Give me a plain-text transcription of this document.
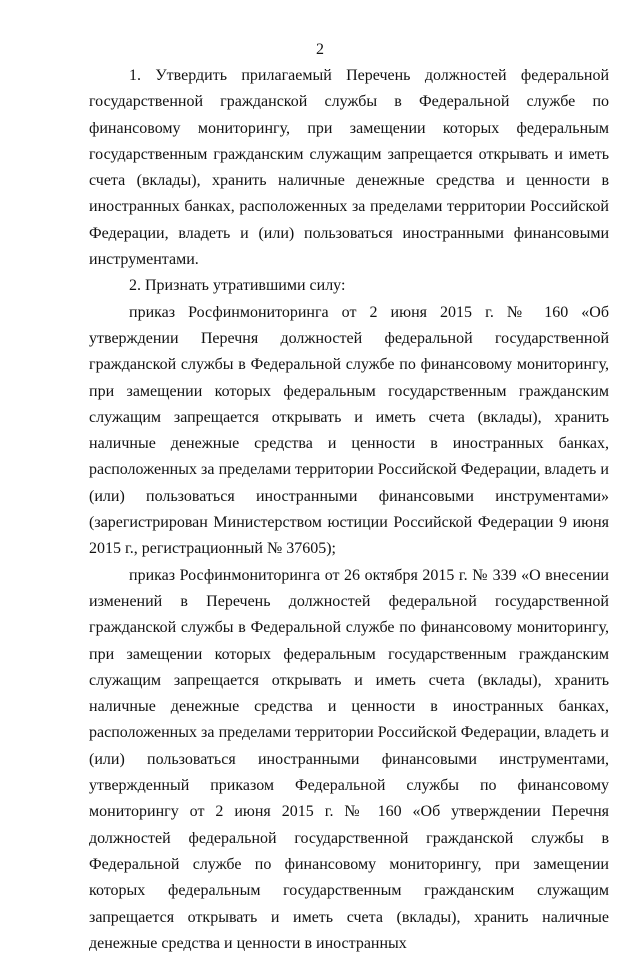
2

1. Утвердить прилагаемый Перечень должностей федеральной государственной гражданской службы в Федеральной службе по финансовому мониторингу, при замещении которых федеральным государственным гражданским служащим запрещается открывать и иметь счета (вклады), хранить наличные денежные средства и ценности в иностранных банках, расположенных за пределами территории Российской Федерации, владеть и (или) пользоваться иностранными финансовыми инструментами.

2. Признать утратившими силу:

приказ Росфинмониторинга от 2 июня 2015 г. № 160 «Об утверждении Перечня должностей федеральной государственной гражданской службы в Федеральной службе по финансовому мониторингу, при замещении которых федеральным государственным гражданским служащим запрещается открывать и иметь счета (вклады), хранить наличные денежные средства и ценности в иностранных банках, расположенных за пределами территории Российской Федерации, владеть и (или) пользоваться иностранными финансовыми инструментами» (зарегистрирован Министерством юстиции Российской Федерации 9 июня 2015 г., регистрационный № 37605);

приказ Росфинмониторинга от 26 октября 2015 г. № 339 «О внесении изменений в Перечень должностей федеральной государственной гражданской службы в Федеральной службе по финансовому мониторингу, при замещении которых федеральным государственным гражданским служащим запрещается открывать и иметь счета (вклады), хранить наличные денежные средства и ценности в иностранных банках, расположенных за пределами территории Российской Федерации, владеть и (или) пользоваться иностранными финансовыми инструментами, утвержденный приказом Федеральной службы по финансовому мониторингу от 2 июня 2015 г. № 160 «Об утверждении Перечня должностей федеральной государственной гражданской службы в Федеральной службе по финансовому мониторингу, при замещении которых федеральным государственным гражданским служащим запрещается открывать и иметь счета (вклады), хранить наличные денежные средства и ценности в иностранных
